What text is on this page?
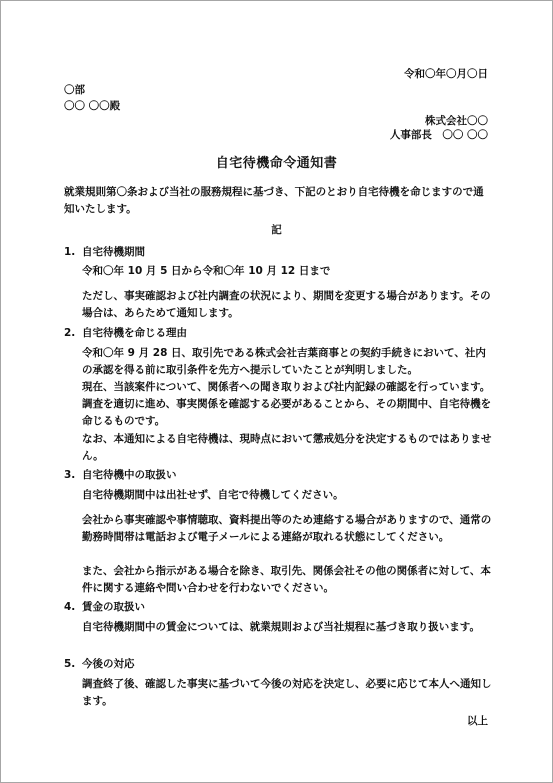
令和〇年〇月〇日
〇部
〇〇 〇〇殿
株式会社〇〇
人事部長　〇〇 〇〇
自宅待機命令通知書
就業規則第〇条および当社の服務規程に基づき、下記のとおり自宅待機を命じますので通知いたします。
記
1. 自宅待機期間
令和〇年 10 月 5 日から令和〇年 10 月 12 日まで
ただし、事実確認および社内調査の状況により、期間を変更する場合があります。その場合は、あらためて通知します。
2. 自宅待機を命じる理由
令和〇年 9 月 28 日、取引先である株式会社吉葉商事との契約手続きにおいて、社内の承認を得る前に取引条件を先方へ提示していたことが判明しました。
現在、当該案件について、関係者への聞き取りおよび社内記録の確認を行っています。調査を適切に進め、事実関係を確認する必要があることから、その期間中、自宅待機を命じるものです。
なお、本通知による自宅待機は、現時点において懲戒処分を決定するものではありません。
3. 自宅待機中の取扱い
自宅待機期間中は出社せず、自宅で待機してください。
会社から事実確認や事情聴取、資料提出等のため連絡する場合がありますので、通常の勤務時間帯は電話および電子メールによる連絡が取れる状態にしてください。
また、会社から指示がある場合を除き、取引先、関係会社その他の関係者に対して、本件に関する連絡や問い合わせを行わないでください。
4. 賃金の取扱い
自宅待機期間中の賃金については、就業規則および当社規程に基づき取り扱います。
5. 今後の対応
調査終了後、確認した事実に基づいて今後の対応を決定し、必要に応じて本人へ通知します。
以上
